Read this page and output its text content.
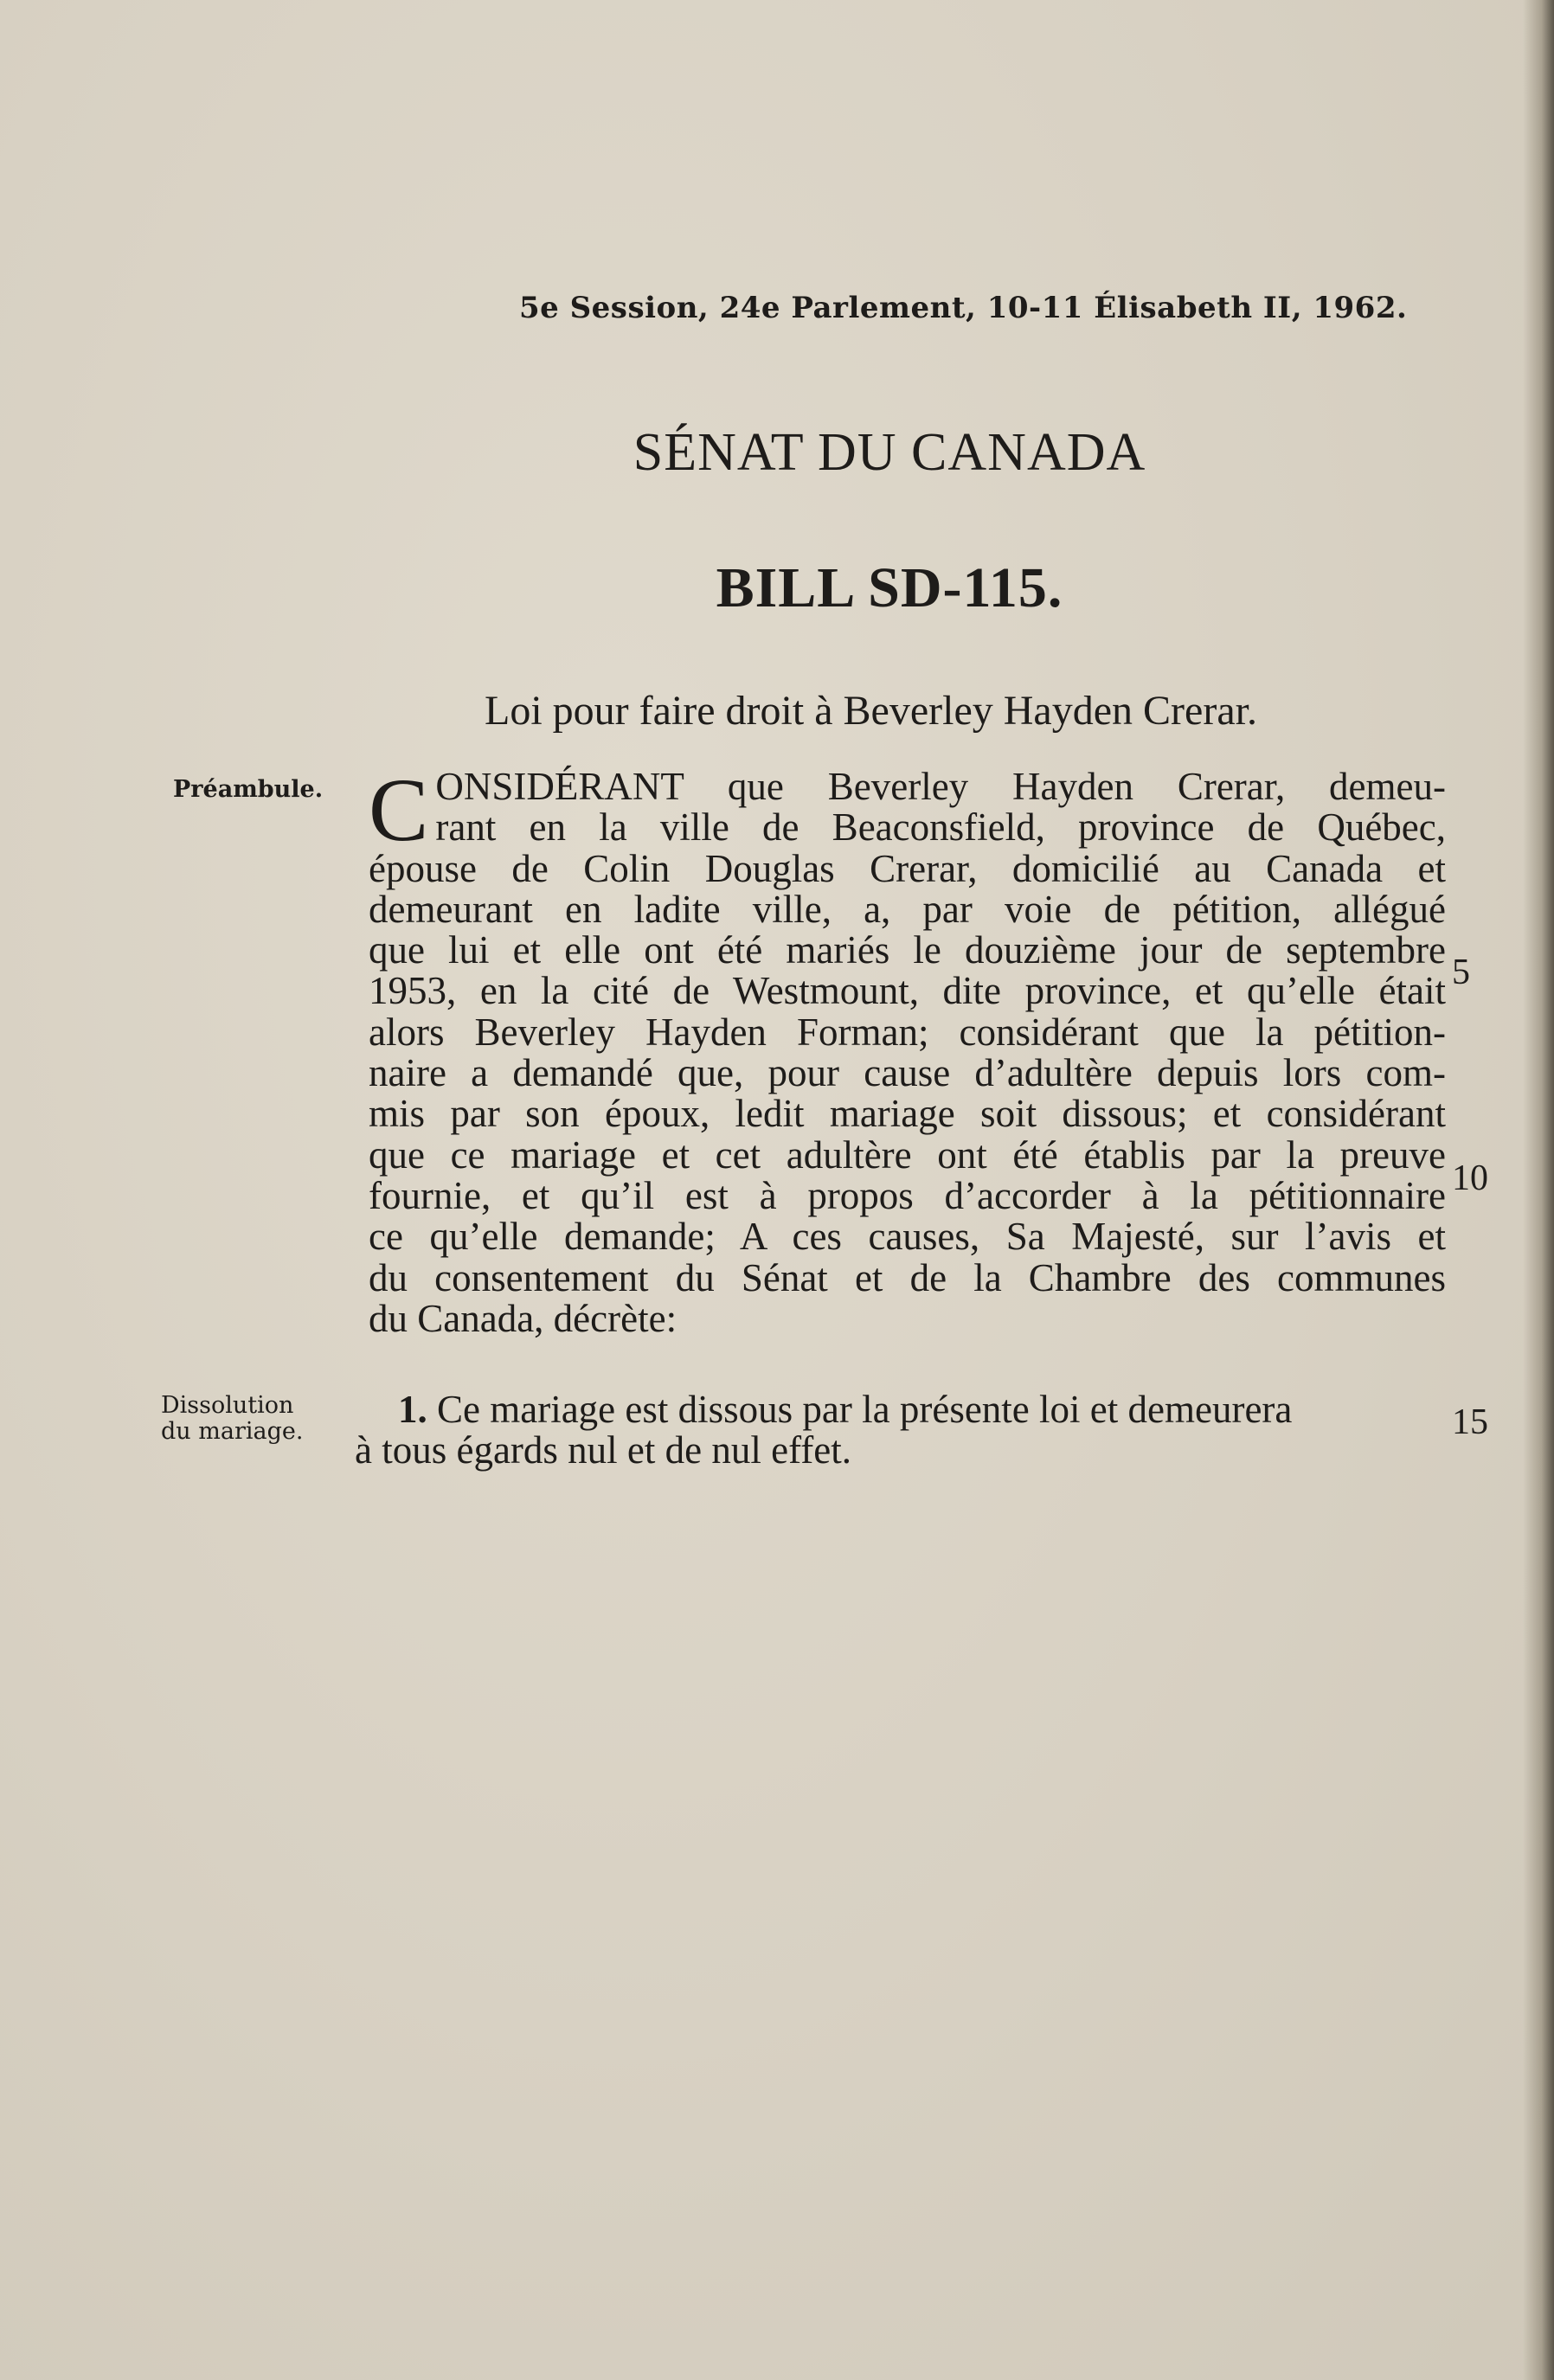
5e Session, 24e Parlement, 10-11 Élisabeth II, 1962.
SÉNAT DU CANADA
BILL SD-115.
Loi pour faire droit à Beverley Hayden Crerar.
Préambule. C ONSIDÉRANT que Beverley Hayden Crerar, demeu-
rant en la ville de Beaconsfield, province de Québec,
épouse de Colin Douglas Crerar, domicilié au Canada et
demeurant en ladite ville, a, par voie de pétition, allégué
que lui et elle ont été mariés le douzième jour de septembre
1953, en la cité de Westmount, dite province, et qu’elle était
alors Beverley Hayden Forman; considérant que la pétition-
naire a demandé que, pour cause d’adultère depuis lors com-
mis par son époux, ledit mariage soit dissous; et considérant
que ce mariage et cet adultère ont été établis par la preuve
fournie, et qu’il est à propos d’accorder à la pétitionnaire
ce qu’elle demande; A ces causes, Sa Majesté, sur l’avis et
du consentement du Sénat et de la Chambre des communes
du Canada, décrète:
5
10
15
Dissolution
du mariage.
1. Ce mariage est dissous par la présente loi et demeurera
à tous égards nul et de nul effet.
